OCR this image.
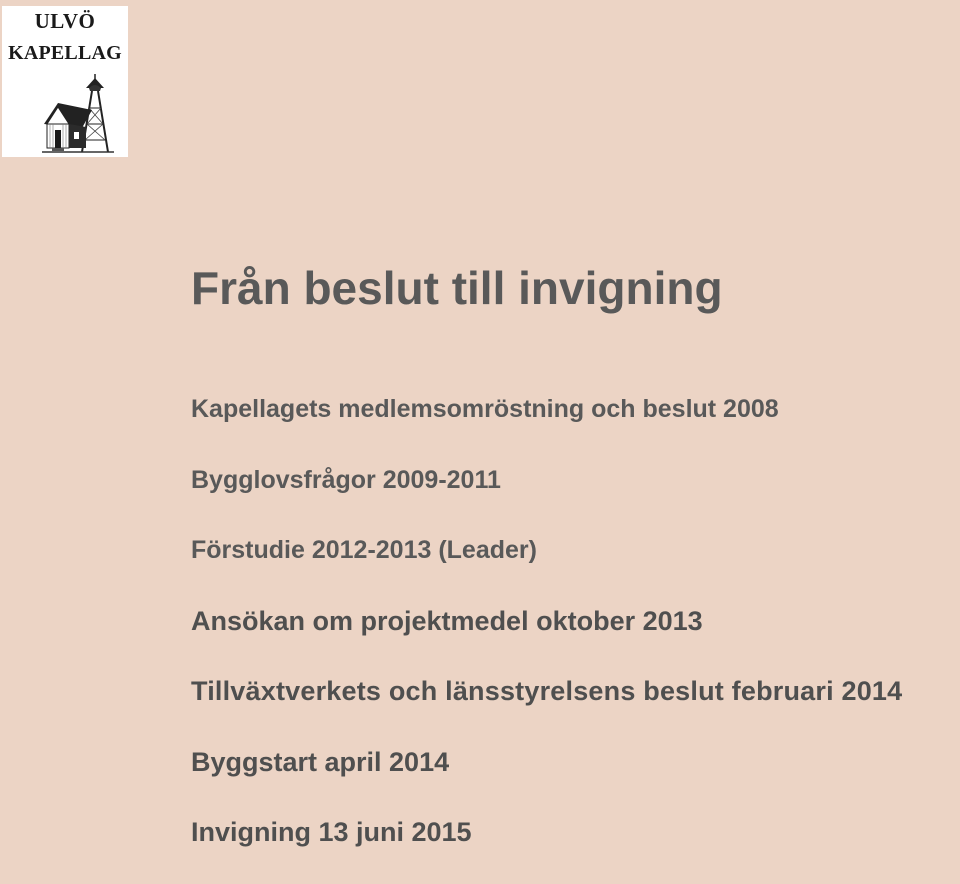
ULVÖ
KAPELLAG
Från beslut till invigning
Kapellagets medlemsomröstning och beslut 2008
Bygglovsfrågor 2009-2011
Förstudie 2012-2013 (Leader)
Ansökan om projektmedel oktober 2013
Tillväxtverkets och länsstyrelsens beslut februari 2014
Byggstart april 2014
Invigning 13 juni 2015
